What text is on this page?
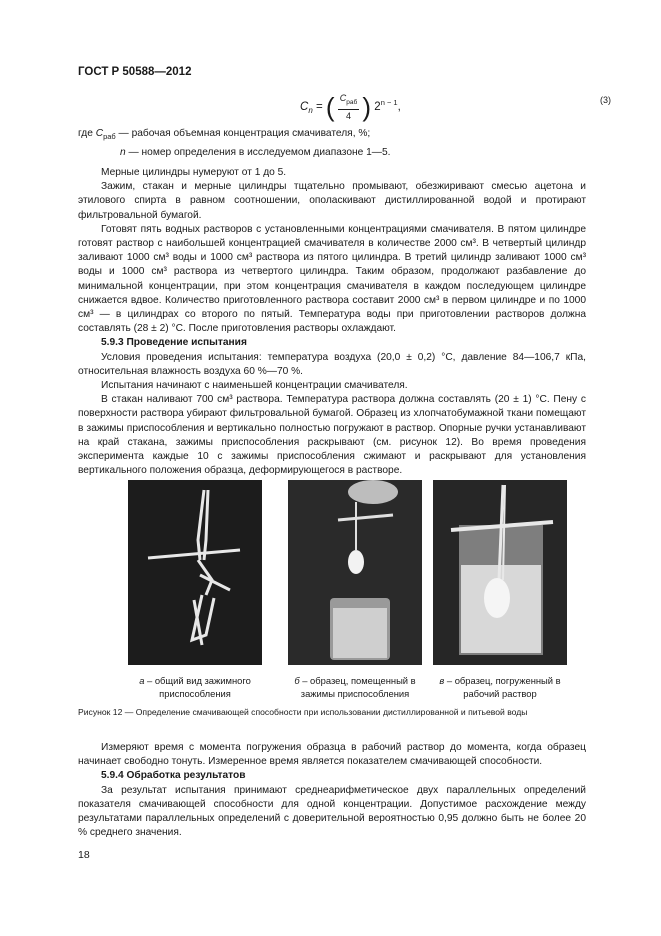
ГОСТ Р 50588—2012
$C_n$ = ( $C_{раб}$
4 ) $2^{n - 1}$,
(3)
где $C_{раб}$ — рабочая объемная концентрация смачивателя, %;
n — номер определения в исследуемом диапазоне 1—5.

Мерные цилиндры нумеруют от 1 до 5.

Зажим, стакан и мерные цилиндры тщательно промывают, обезжиривают смесью ацетона и этилового спирта в равном соотношении, ополаскивают дистиллированной водой и протирают фильтровальной бумагой.

Готовят пять водных растворов с установленными концентрациями смачивателя. В пятом цилиндре готовят раствор с наибольшей концентрацией смачивателя в количестве 2000 см³. В четвертый цилиндр заливают 1000 см³ воды и 1000 см³ раствора из пятого цилиндра. В третий цилиндр заливают 1000 см³ воды и 1000 см³ раствора из четвертого цилиндра. Таким образом, продолжают разбавление до минимальной концентрации, при этом концентрация смачивателя в каждом последующем цилиндре снижается вдвое. Количество приготовленного раствора составит 2000 см³ в первом цилиндре и по 1000 см³ — в цилиндрах со второго по пятый. Температура воды при приготовлении растворов должна составлять (28 ± 2) °С. После приготовления растворы охлаждают.

5.9.3 Проведение испытания

Условия проведения испытания: температура воздуха (20,0 ± 0,2) °С, давление 84—106,7 кПа, относительная влажность воздуха 60 %—70 %.

Испытания начинают с наименьшей концентрации смачивателя.

В стакан наливают 700 см³ раствора. Температура раствора должна составлять (20 ± 1) °С. Пену с поверхности раствора убирают фильтровальной бумагой. Образец из хлопчатобумажной ткани помещают в зажимы приспособления и вертикально полностью погружают в раствор. Опорные ручки устанавливают на край стакана, зажимы приспособления раскрывают (см. рисунок 12). Во время проведения эксперимента каждые 10 с зажимы приспособления сжимают и раскрывают для установления вертикального положения образца, деформирующегося в растворе.

а – общий вид зажимного приспособления
б – образец, помещенный в зажимы приспособления
в – образец, погруженный в рабочий раствор
Рисунок 12 — Определение смачивающей способности при использовании дистиллированной и питьевой воды

Измеряют время с момента погружения образца в рабочий раствор до момента, когда образец начинает свободно тонуть. Измеренное время является показателем смачивающей способности.

5.9.4 Обработка результатов

За результат испытания принимают среднеарифметическое двух параллельных определений показателя смачивающей способности для одной концентрации. Допустимое расхождение между результатами параллельных определений с доверительной вероятностью 0,95 должно быть не более 20 % среднего значения.

18
